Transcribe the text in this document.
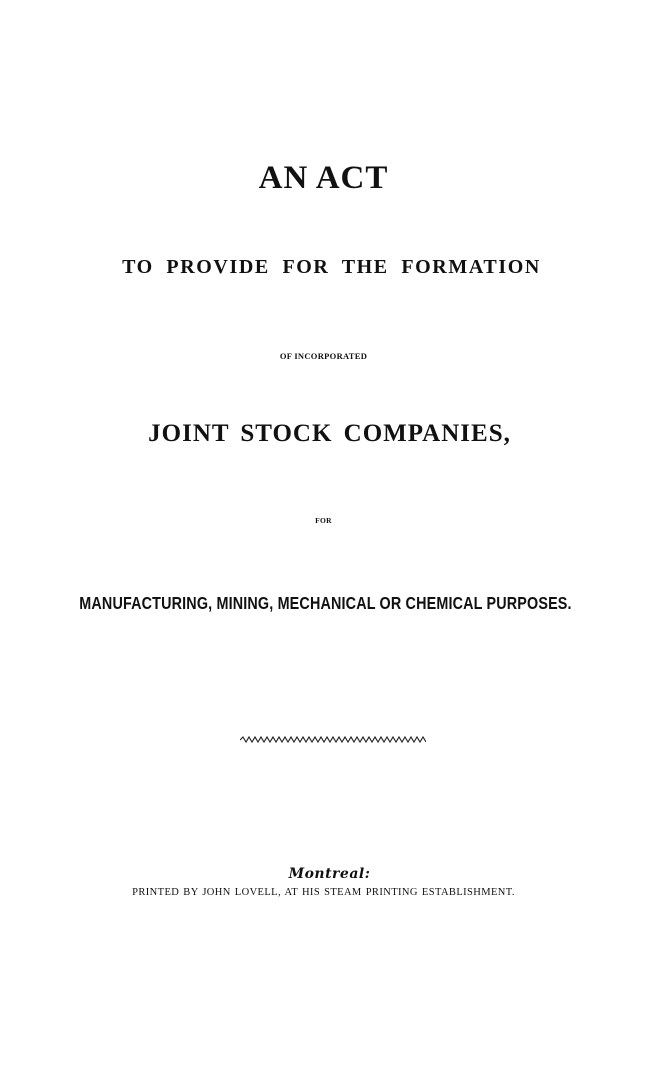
AN ACT
TO PROVIDE FOR THE FORMATION
OF INCORPORATED
JOINT STOCK COMPANIES,
FOR
MANUFACTURING, MINING, MECHANICAL OR CHEMICAL PURPOSES.
Montreal:
PRINTED BY JOHN LOVELL, AT HIS STEAM PRINTING ESTABLISHMENT.
